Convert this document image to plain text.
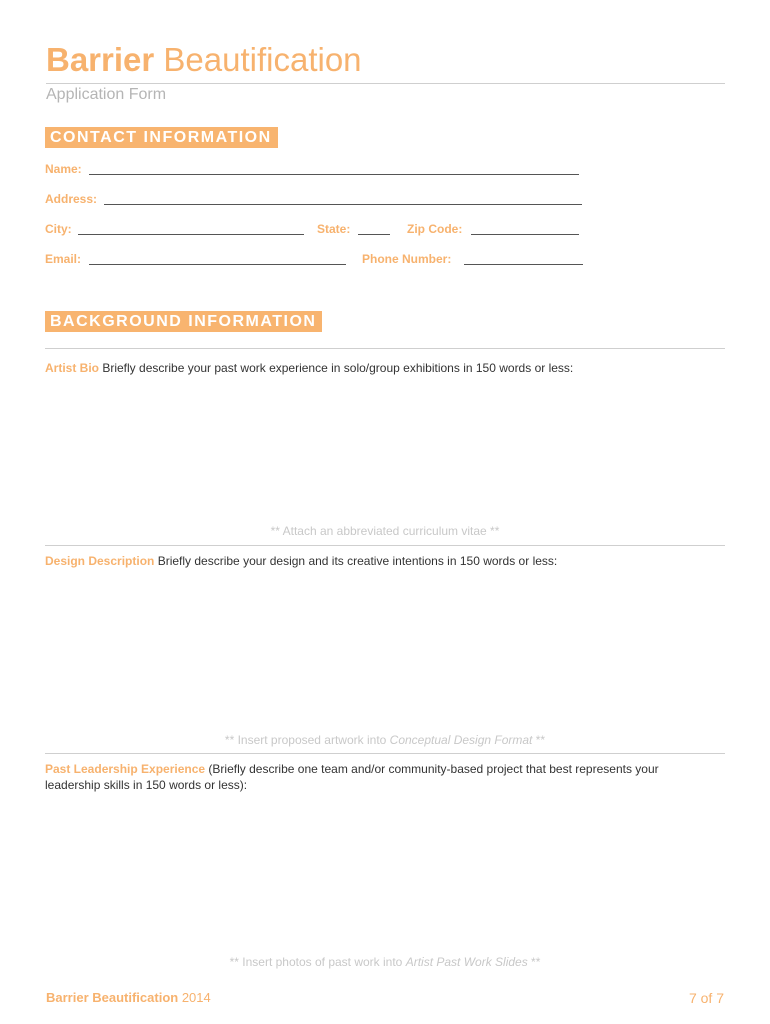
Barrier Beautification
Application Form
CONTACT INFORMATION
Name:
Address:
City:	State:	Zip Code:
Email:	Phone Number:
BACKGROUND INFORMATION
Artist Bio Briefly describe your past work experience in solo/group exhibitions in 150 words or less:
** Attach an abbreviated curriculum vitae **
Design Description Briefly describe your design and its creative intentions in 150 words or less:
** Insert proposed artwork into Conceptual Design Format **
Past Leadership Experience (Briefly describe one team and/or community-based project that best represents your leadership skills in 150 words or less):
** Insert photos of past work into Artist Past Work Slides **
Barrier Beautification 2014	7 of 7
